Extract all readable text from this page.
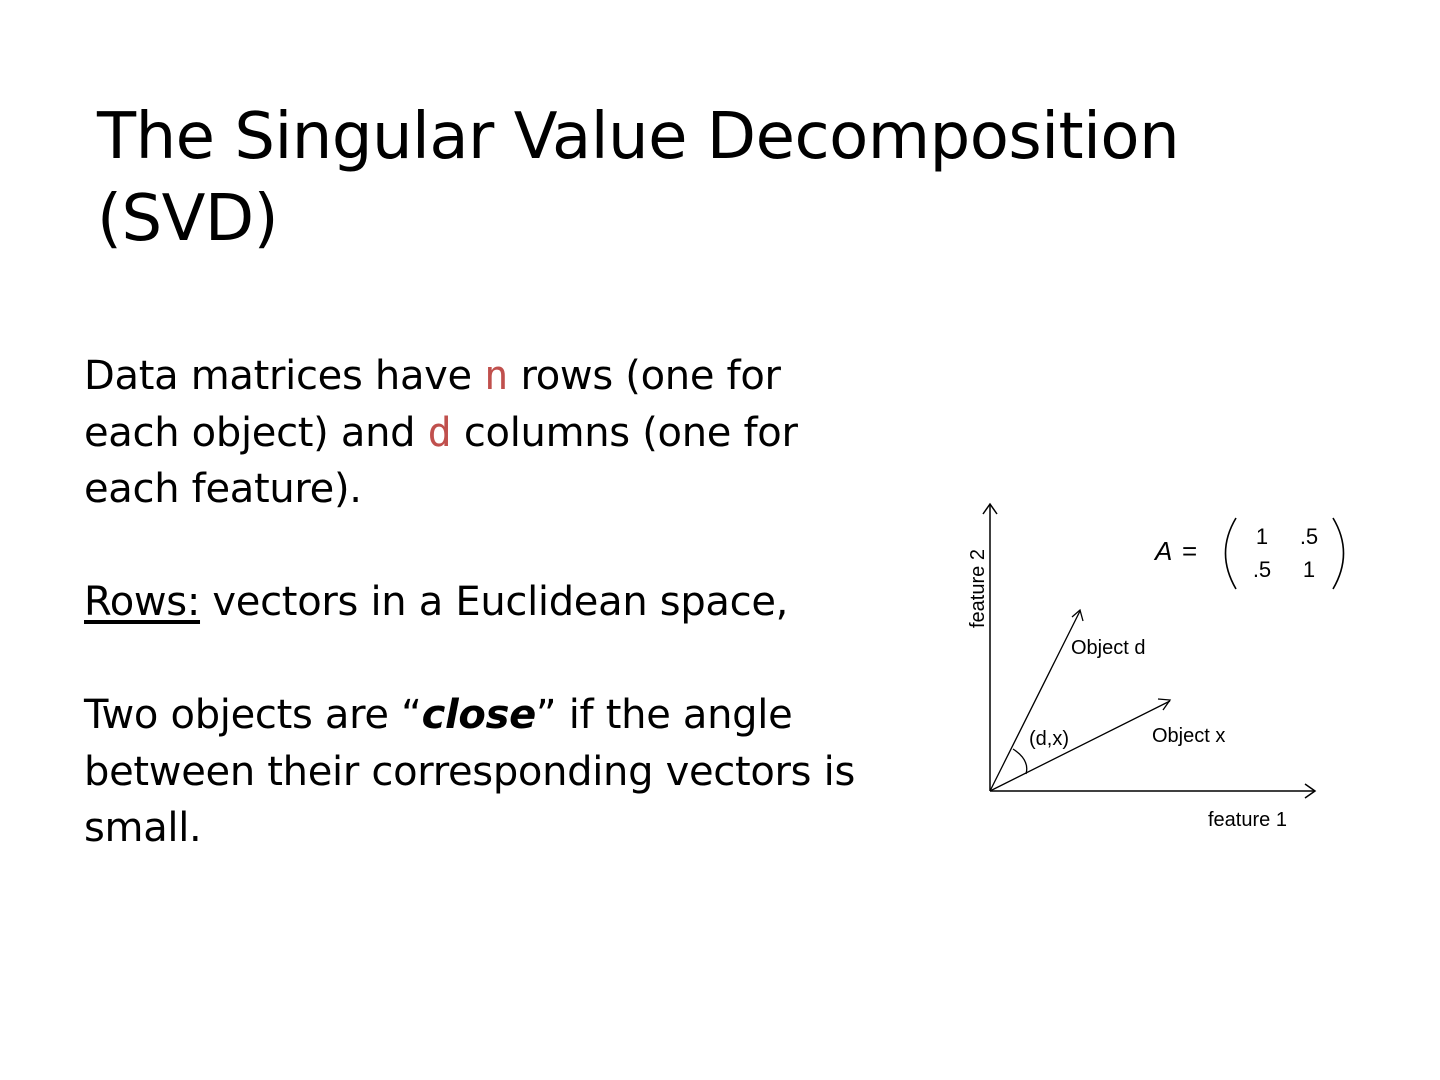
The Singular Value Decomposition
(SVD)

Data matrices have n rows (one for
each object) and d columns (one for
each feature).

Rows: vectors in a Euclidean space,

Two objects are “close” if the angle
between their corresponding vectors is
small.

Object d
Object x
(d,x)
feature 1
feature 2	A =	1 .5
.5 1
